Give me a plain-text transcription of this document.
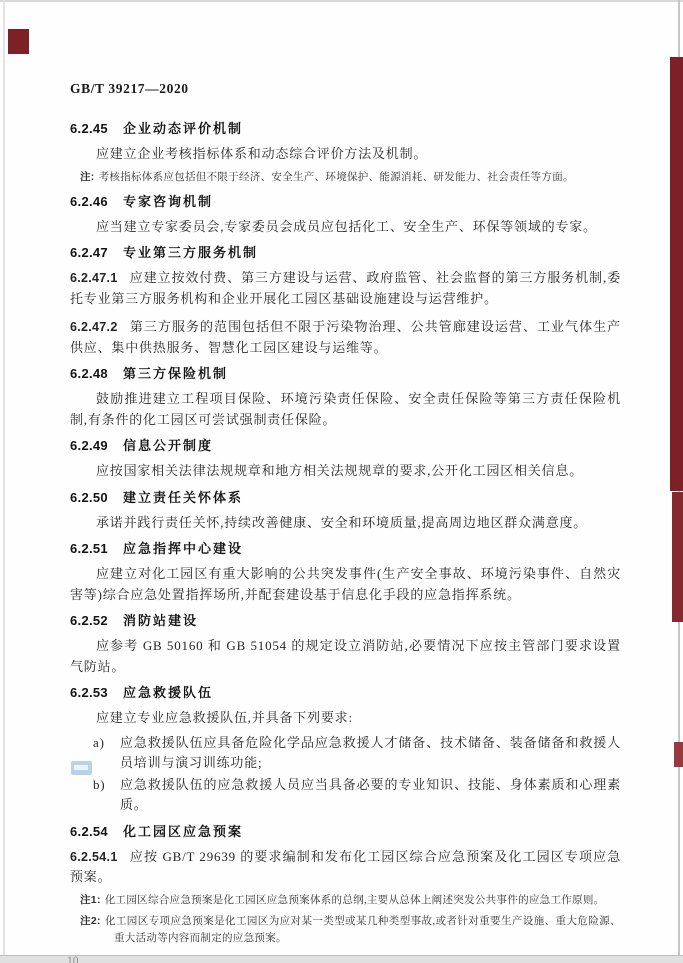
GB/T 39217—2020
6.2.45 企业动态评价机制
应建立企业考核指标体系和动态综合评价方法及机制。
注: 考核指标体系应包括但不限于经济、安全生产、环境保护、能源消耗、研发能力、社会责任等方面。
6.2.46 专家咨询机制
应当建立专家委员会,专家委员会成员应包括化工、安全生产、环保等领域的专家。
6.2.47 专业第三方服务机制
6.2.47.1 应建立按效付费、第三方建设与运营、政府监管、社会监督的第三方服务机制,委托专业第三方服务机构和企业开展化工园区基础设施建设与运营维护。
6.2.47.2 第三方服务的范围包括但不限于污染物治理、公共管廊建设运营、工业气体生产供应、集中供热服务、智慧化工园区建设与运维等。
6.2.48 第三方保险机制
鼓励推进建立工程项目保险、环境污染责任保险、安全责任保险等第三方责任保险机制,有条件的化工园区可尝试强制责任保险。
6.2.49 信息公开制度
应按国家相关法律法规规章和地方相关法规规章的要求,公开化工园区相关信息。
6.2.50 建立责任关怀体系
承诺并践行责任关怀,持续改善健康、安全和环境质量,提高周边地区群众满意度。
6.2.51 应急指挥中心建设
应建立对化工园区有重大影响的公共突发事件(生产安全事故、环境污染事件、自然灾害等)综合应急处置指挥场所,并配套建设基于信息化手段的应急指挥系统。
6.2.52 消防站建设
应参考 GB 50160 和 GB 51054 的规定设立消防站,必要情况下应按主管部门要求设置气防站。
6.2.53 应急救援队伍
应建立专业应急救援队伍,并具备下列要求:
a) 应急救援队伍应具备危险化学品应急救援人才储备、技术储备、装备储备和救援人员培训与演习训练功能;
b) 应急救援队伍的应急救援人员应当具备必要的专业知识、技能、身体素质和心理素质。
6.2.54 化工园区应急预案
6.2.54.1 应按 GB/T 29639 的要求编制和发布化工园区综合应急预案及化工园区专项应急预案。
注1: 化工园区综合应急预案是化工园区应急预案体系的总纲,主要从总体上阐述突发公共事件的应急工作原则。
注2: 化工园区专项应急预案是化工园区为应对某一类型或某几种类型事故,或者针对重要生产设施、重大危险源、重大活动等内容而制定的应急预案。
10
